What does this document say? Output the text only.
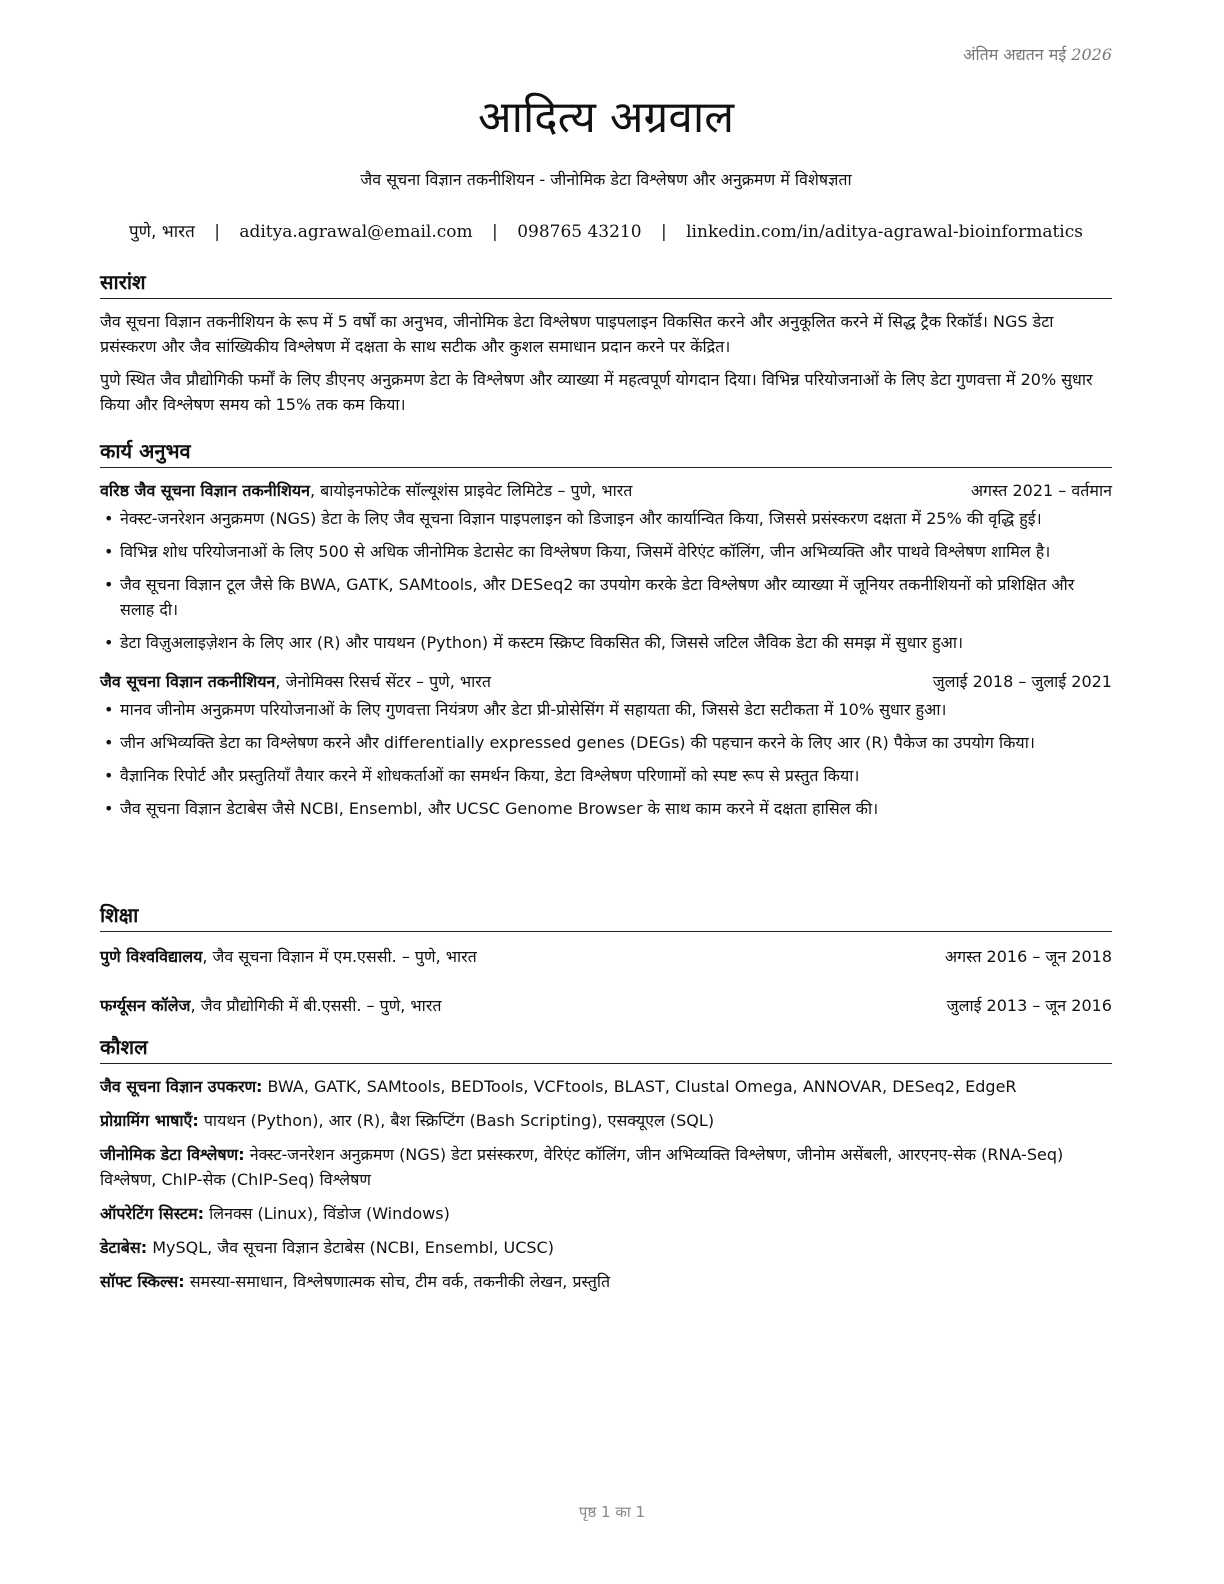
अंतिम अद्यतन मई 2026
आदित्य अग्रवाल
जैव सूचना विज्ञान तकनीशियन - जीनोमिक डेटा विश्लेषण और अनुक्रमण में विशेषज्ञता
पुणे, भारत | aditya.agrawal@email.com | 098765 43210 | linkedin.com/in/aditya-agrawal-bioinformatics
सारांश

जैव सूचना विज्ञान तकनीशियन के रूप में 5 वर्षों का अनुभव, जीनोमिक डेटा विश्लेषण पाइपलाइन विकसित करने और अनुकूलित करने में सिद्ध ट्रैक रिकॉर्ड। NGS डेटा प्रसंस्करण और जैव सांख्यिकीय विश्लेषण में दक्षता के साथ सटीक और कुशल समाधान प्रदान करने पर केंद्रित।

पुणे स्थित जैव प्रौद्योगिकी फर्मों के लिए डीएनए अनुक्रमण डेटा के विश्लेषण और व्याख्या में महत्वपूर्ण योगदान दिया। विभिन्न परियोजनाओं के लिए डेटा गुणवत्ता में 20% सुधार किया और विश्लेषण समय को 15% तक कम किया।

कार्य अनुभव
वरिष्ठ जैव सूचना विज्ञान तकनीशियन, बायोइनफोटेक सॉल्यूशंस प्राइवेट लिमिटेड – पुणे, भारत	अगस्त 2021 – वर्तमान
• नेक्स्ट-जनरेशन अनुक्रमण (NGS) डेटा के लिए जैव सूचना विज्ञान पाइपलाइन को डिजाइन और कार्यान्वित किया, जिससे प्रसंस्करण दक्षता में 25% की वृद्धि हुई।
• विभिन्न शोध परियोजनाओं के लिए 500 से अधिक जीनोमिक डेटासेट का विश्लेषण किया, जिसमें वेरिएंट कॉलिंग, जीन अभिव्यक्ति और पाथवे विश्लेषण शामिल है।
• जैव सूचना विज्ञान टूल जैसे कि BWA, GATK, SAMtools, और DESeq2 का उपयोग करके डेटा विश्लेषण और व्याख्या में जूनियर तकनीशियनों को प्रशिक्षित और सलाह दी।
• डेटा विज़ुअलाइज़ेशन के लिए आर (R) और पायथन (Python) में कस्टम स्क्रिप्ट विकसित की, जिससे जटिल जैविक डेटा की समझ में सुधार हुआ।
जैव सूचना विज्ञान तकनीशियन, जेनोमिक्स रिसर्च सेंटर – पुणे, भारत	जुलाई 2018 – जुलाई 2021
• मानव जीनोम अनुक्रमण परियोजनाओं के लिए गुणवत्ता नियंत्रण और डेटा प्री-प्रोसेसिंग में सहायता की, जिससे डेटा सटीकता में 10% सुधार हुआ।
• जीन अभिव्यक्ति डेटा का विश्लेषण करने और differentially expressed genes (DEGs) की पहचान करने के लिए आर (R) पैकेज का उपयोग किया।
• वैज्ञानिक रिपोर्ट और प्रस्तुतियाँ तैयार करने में शोधकर्ताओं का समर्थन किया, डेटा विश्लेषण परिणामों को स्पष्ट रूप से प्रस्तुत किया।
• जैव सूचना विज्ञान डेटाबेस जैसे NCBI, Ensembl, और UCSC Genome Browser के साथ काम करने में दक्षता हासिल की।
शिक्षा
पुणे विश्वविद्यालय, जैव सूचना विज्ञान में एम.एससी. – पुणे, भारत	अगस्त 2016 – जून 2018
फर्ग्यूसन कॉलेज, जैव प्रौद्योगिकी में बी.एससी. – पुणे, भारत	जुलाई 2013 – जून 2016
कौशल

जैव सूचना विज्ञान उपकरण: BWA, GATK, SAMtools, BEDTools, VCFtools, BLAST, Clustal Omega, ANNOVAR, DESeq2, EdgeR

प्रोग्रामिंग भाषाएँ: पायथन (Python), आर (R), बैश स्क्रिप्टिंग (Bash Scripting), एसक्यूएल (SQL)

जीनोमिक डेटा विश्लेषण: नेक्स्ट-जनरेशन अनुक्रमण (NGS) डेटा प्रसंस्करण, वेरिएंट कॉलिंग, जीन अभिव्यक्ति विश्लेषण, जीनोम असेंबली, आरएनए-सेक (RNA-Seq) विश्लेषण, ChIP-सेक (ChIP-Seq) विश्लेषण

ऑपरेटिंग सिस्टम: लिनक्स (Linux), विंडोज (Windows)

डेटाबेस: MySQL, जैव सूचना विज्ञान डेटाबेस (NCBI, Ensembl, UCSC)

सॉफ्ट स्किल्स: समस्या-समाधान, विश्लेषणात्मक सोच, टीम वर्क, तकनीकी लेखन, प्रस्तुति

पृष्ठ 1 का 1
